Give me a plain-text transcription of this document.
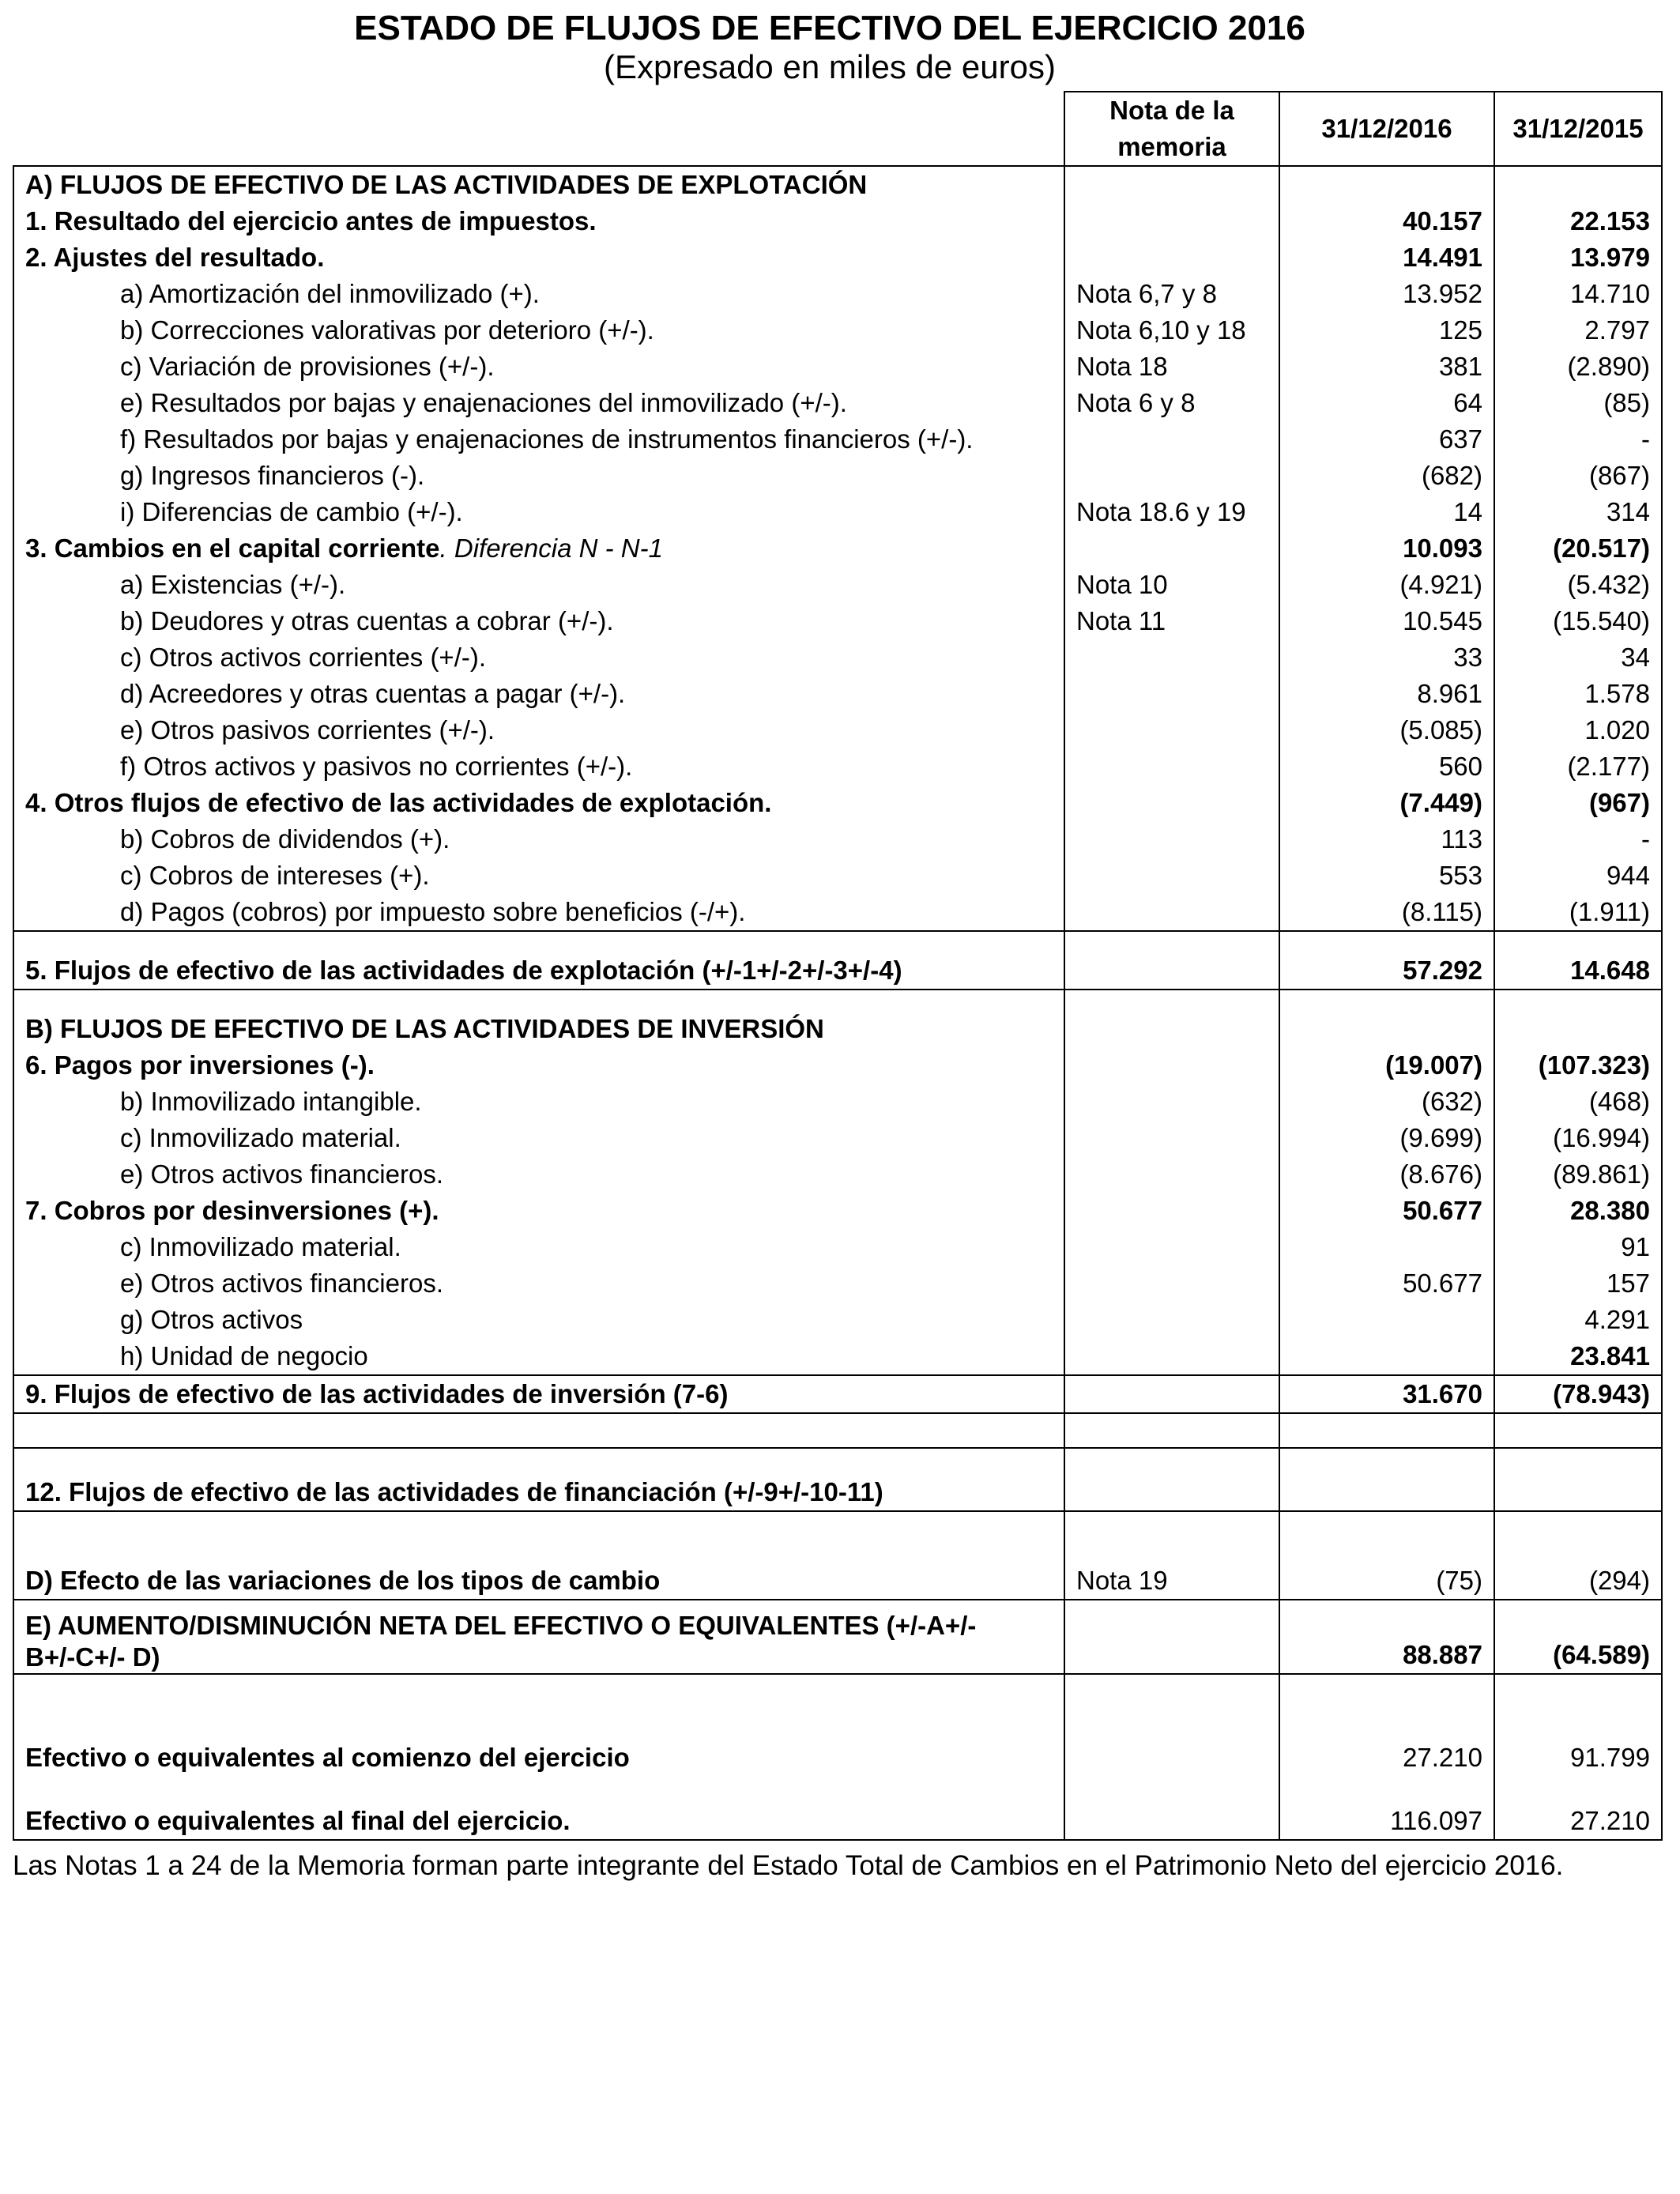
ESTADO DE FLUJOS DE EFECTIVO DEL EJERCICIO 2016
(Expresado en miles de euros)
	Nota de la memoria	31/12/2016	31/12/2015
A) FLUJOS DE EFECTIVO DE LAS ACTIVIDADES DE EXPLOTACIÓN			
1. Resultado del ejercicio antes de impuestos.		40.157	22.153
2. Ajustes del resultado.		14.491	13.979
a) Amortización del inmovilizado (+).	Nota 6,7 y 8	13.952	14.710
b) Correcciones valorativas por deterioro (+/-).	Nota 6,10 y 18	125	2.797
c) Variación de provisiones (+/-).	Nota 18	381	(2.890)
e) Resultados por bajas y enajenaciones del inmovilizado (+/-).	Nota 6 y 8	64	(85)
f) Resultados por bajas y enajenaciones de instrumentos financieros (+/-).		637	-
g) Ingresos financieros (-).		(682)	(867)
i) Diferencias de cambio (+/-).	Nota 18.6 y 19	14	314
3. Cambios en el capital corriente. Diferencia N - N-1		10.093	(20.517)
a) Existencias (+/-).	Nota 10	(4.921)	(5.432)
b) Deudores y otras cuentas a cobrar (+/-).	Nota 11	10.545	(15.540)
c) Otros activos corrientes (+/-).		33	34
d) Acreedores y otras cuentas a pagar (+/-).		8.961	1.578
e) Otros pasivos corrientes (+/-).		(5.085)	1.020
f) Otros activos y pasivos no corrientes (+/-).		560	(2.177)
4. Otros flujos de efectivo de las actividades de explotación.		(7.449)	(967)
b) Cobros de dividendos (+).		113	-
c) Cobros de intereses (+).		553	944
d) Pagos (cobros) por impuesto sobre beneficios (-/+).		(8.115)	(1.911)
5. Flujos de efectivo de las actividades de explotación (+/-1+/-2+/-3+/-4)		57.292	14.648
B) FLUJOS DE EFECTIVO DE LAS ACTIVIDADES DE INVERSIÓN			
6. Pagos por inversiones (-).		(19.007)	(107.323)
b) Inmovilizado intangible.		(632)	(468)
c) Inmovilizado material.		(9.699)	(16.994)
e) Otros activos financieros.		(8.676)	(89.861)
7. Cobros por desinversiones (+).		50.677	28.380
c) Inmovilizado material.			91
e) Otros activos financieros.		50.677	157
g) Otros activos			4.291
h) Unidad de negocio			23.841
9. Flujos de efectivo de las actividades de inversión (7-6)		31.670	(78.943)

12. Flujos de efectivo de las actividades de financiación (+/-9+/-10-11)			
D) Efecto de las variaciones de los tipos de cambio	Nota 19	(75)	(294)

E) AUMENTO/DISMINUCIÓN NETA DEL EFECTIVO O EQUIVALENTES (+/-A+/-
B+/-C+/- D)		88.887	(64.589)
Efectivo o equivalentes al comienzo del ejercicio		27.210	91.799
Efectivo o equivalentes al final del ejercicio.		116.097	27.210
Las Notas 1 a 24 de la Memoria forman parte integrante del Estado Total de Cambios en el Patrimonio Neto del ejercicio 2016.
